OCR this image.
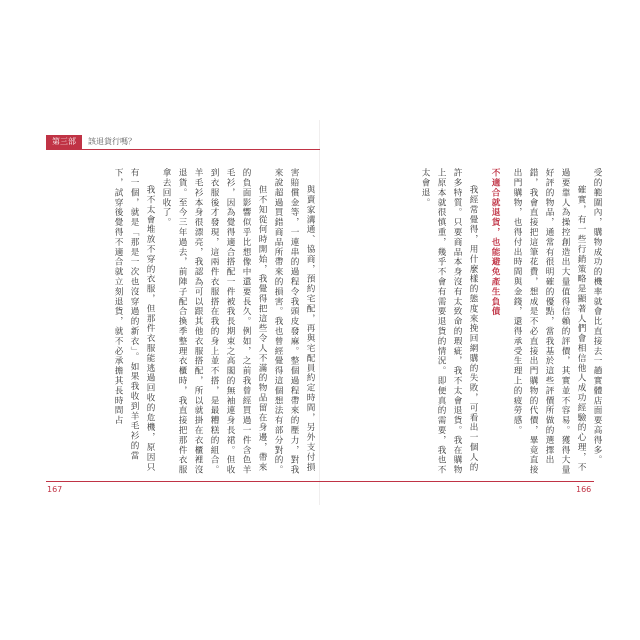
第三部	該退貨行嗎？

受的範圍內，購物成功的機率就會比直接去一趟實體店面要高得多。

確實，有一些行銷策略是顯著人們會相信他人成功經驗的心理，不過要靠人為操控創造出大量值得信賴的評價，其實並不容易。獲得大量好評的物品，通常有很明確的優點，當我基於這些評價所做的選擇出錯，我會直接把這筆花費，想成是不必直接出門購物的代價，畢竟直接出門購物，也得付出時間與金錢，還得承受生理上的疲勞感。

不適合就退貨，也能避免產生負債

我經常覺得，用什麼樣的態度來挽回網購的失敗，可看出一個人的許多特質。只要商品本身沒有太致命的瑕疵，我不太會退貨。我在購物上原本就很慎重，幾乎不會有需要退貨的情況。即便真的需要，我也不太會退。

與賣家溝通、協商，預約宅配，再與宅配員約定時間，另外支付損害賠償金等，一連串的過程令我頭皮發麻。整個過程帶來的壓力，對我來說超過買錯商品所帶來的損害。我也曾經覺得這個想法有部分對的。

但不知從何時開始，我覺得把這些令人不滿的物品留在身邊，帶來的負面影響似乎比想像中還要長久。例如，之前我曾經買過一件含色羊毛衫，因為覺得適合搭配一件被我長期束之高閣的無袖連身長裙。但收到衣服後才發現，這兩件衣服搭在我的身上並不搭，是最糟糕的組合。羊毛衫本身很漂亮，我認為可以跟其他衣服搭配，所以就掛在衣櫃裡沒退貨。至今三年過去，前陣子配合換季整理衣櫃時，我直接把那件衣服拿去回收了。

我不太會堆放不穿的衣服，但那件衣服能逃過回收的危機，原因只有一個，就是「那是一次也沒穿過的新衣」。如果我收到羊毛衫的當下，試穿後覺得不適合就立刻退貨，就不必承擔其長時間占

167	166
